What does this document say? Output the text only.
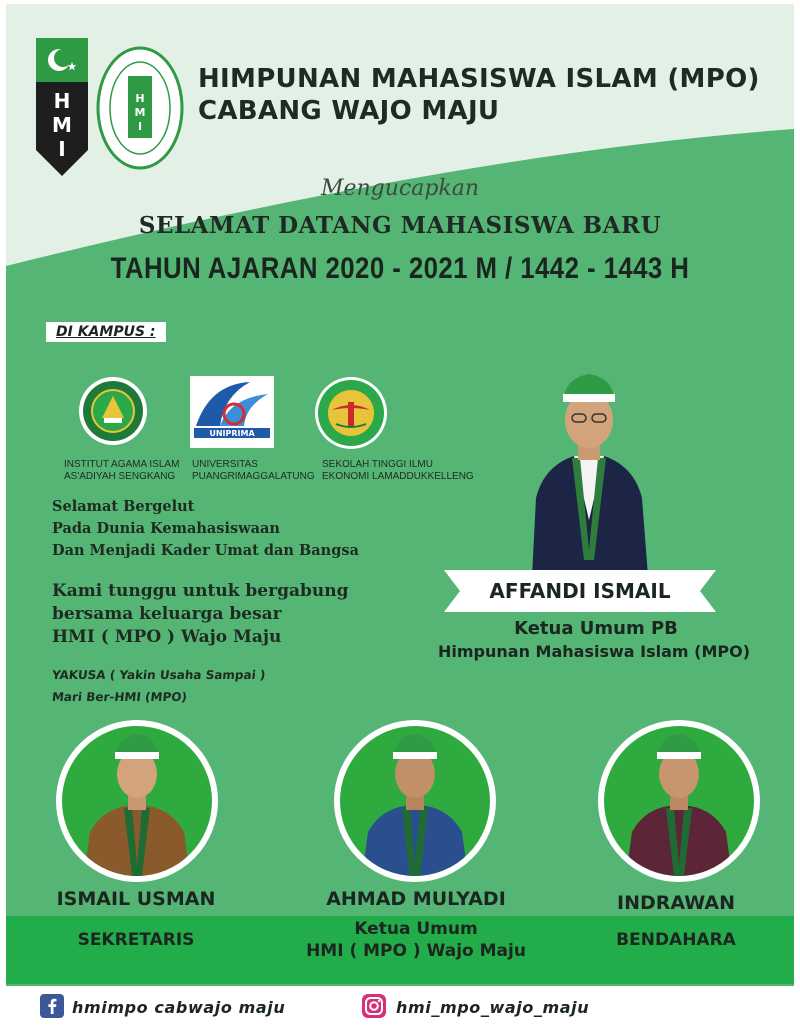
H
M
I
H
M
I
HIMPUNAN MAHASISWA ISLAM (MPO)
CABANG WAJO MAJU
Mengucapkan
SELAMAT DATANG MAHASISWA BARU
TAHUN AJARAN 2020 - 2021 M / 1442 - 1443 H
DI KAMPUS :
INSTITUT AGAMA ISLAM
AS'ADIYAH SENGKANG
UNIPRIMA
UNIVERSITAS
PUANGRIMAGGALATUNG
SEKOLAH TINGGI ILMU
EKONOMI LAMADDUKKELLENG
Selamat Bergelut
Pada Dunia Kemahasiswaan
Dan Menjadi Kader Umat dan Bangsa
Kami tunggu untuk bergabung
bersama keluarga besar
HMI ( MPO ) Wajo Maju
YAKUSA ( Yakin Usaha Sampai )
Mari Ber-HMI (MPO)
AFFANDI ISMAIL
Ketua Umum PB
Himpunan Mahasiswa Islam (MPO)
ISMAIL USMAN	AHMAD MULYADI	INDRAWAN
SEKRETARIS
Ketua Umum
HMI ( MPO ) Wajo Maju
BENDAHARA
hmimpo cabwajo maju	hmi_mpo_wajo_maju
